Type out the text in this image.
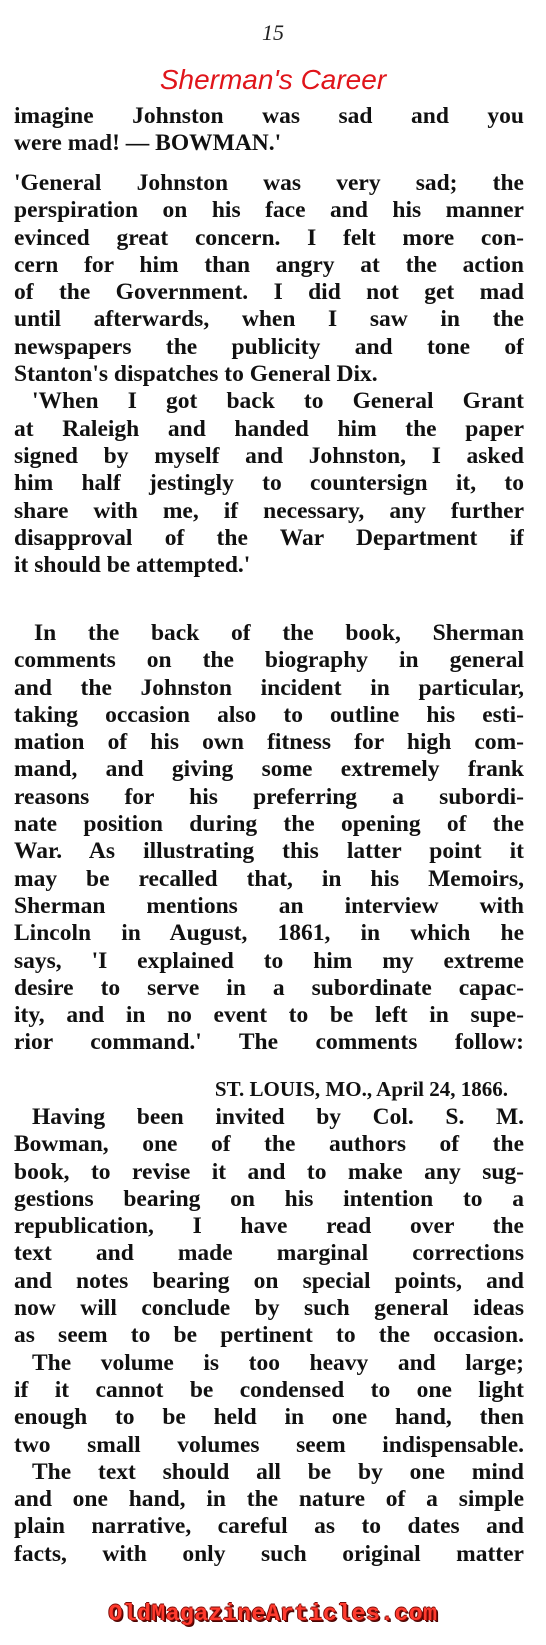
15
Sherman's Career
imagine Johnston was sad and you
were mad! — BOWMAN.'
'General Johnston was very sad; the
perspiration on his face and his manner
evinced great concern. I felt more con-
cern for him than angry at the action
of the Government. I did not get mad
until afterwards, when I saw in the
newspapers the publicity and tone of
Stanton's dispatches to General Dix.
'When I got back to General Grant
at Raleigh and handed him the paper
signed by myself and Johnston, I asked
him half jestingly to countersign it, to
share with me, if necessary, any further
disapproval of the War Department if
it should be attempted.'
In the back of the book, Sherman
comments on the biography in general
and the Johnston incident in particular,
taking occasion also to outline his esti-
mation of his own fitness for high com-
mand, and giving some extremely frank
reasons for his preferring a subordi-
nate position during the opening of the
War. As illustrating this latter point it
may be recalled that, in his Memoirs,
Sherman mentions an interview with
Lincoln in August, 1861, in which he
says, 'I explained to him my extreme
desire to serve in a subordinate capac-
ity, and in no event to be left in supe-
rior command.' The comments follow:
ST. LOUIS, MO., April 24, 1866.
Having been invited by Col. S. M.
Bowman, one of the authors of the
book, to revise it and to make any sug-
gestions bearing on his intention to a
republication, I have read over the
text and made marginal corrections
and notes bearing on special points, and
now will conclude by such general ideas
as seem to be pertinent to the occasion.
The volume is too heavy and large;
if it cannot be condensed to one light
enough to be held in one hand, then
two small volumes seem indispensable.
The text should all be by one mind
and one hand, in the nature of a simple
plain narrative, careful as to dates and
facts, with only such original matter
OldMagazineArticles.com
